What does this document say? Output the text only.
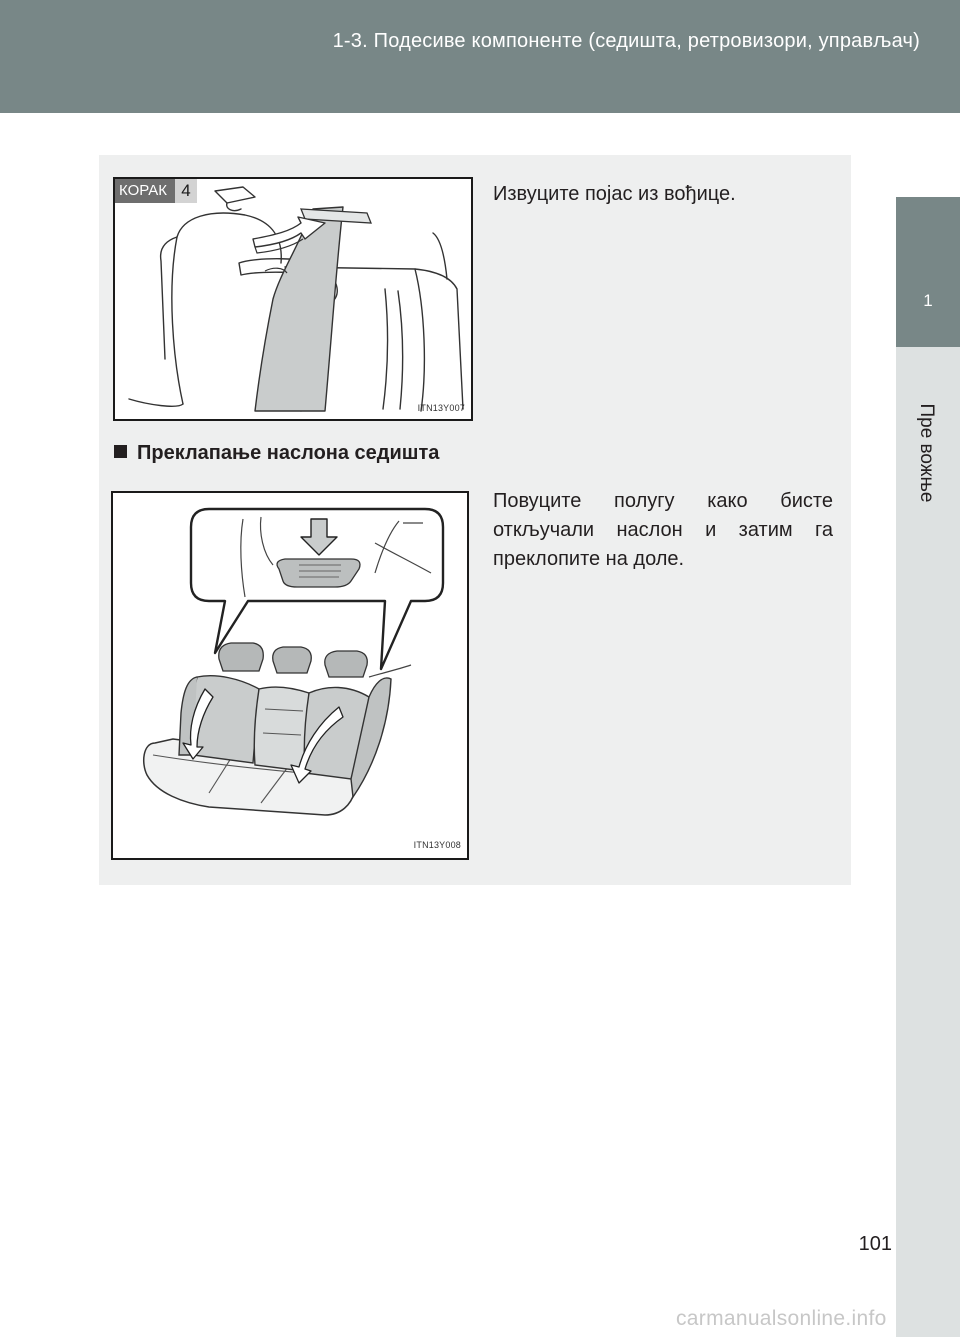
1-3. Подесиве компоненте (седишта, ретровизори, управљач)
1
Пре вожње
КОРАК 4
ITN13Y007
Извуците појас из вођице.
Преклапање наслона седишта
ITN13Y008
Повуците полугу како бисте откључали наслон и затим га преклопите на доле.
101
carmanualsonline.info
